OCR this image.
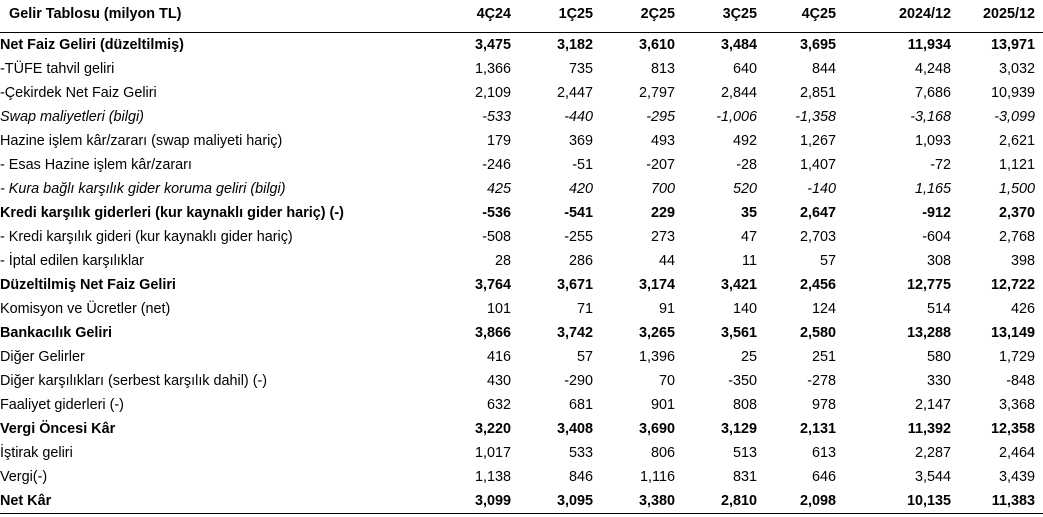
Gelir Tablosu (milyon TL)	4Ç24	1Ç25	2Ç25	3Ç25	4Ç25	2024/12	2025/12	
Net Faiz Geliri (düzeltilmiş)	3,475	3,182	3,610	3,484	3,695	11,934	13,971	
-TÜFE tahvil geliri	1,366	735	813	640	844	4,248	3,032	
-Çekirdek Net Faiz Geliri	2,109	2,447	2,797	2,844	2,851	7,686	10,939	
Swap maliyetleri (bilgi)	-533	-440	-295	-1,006	-1,358	-3,168	-3,099	
Hazine işlem kâr/zararı (swap maliyeti hariç)	179	369	493	492	1,267	1,093	2,621	
- Esas Hazine işlem kâr/zararı	-246	-51	-207	-28	1,407	-72	1,121	
- Kura bağlı karşılık gider koruma geliri (bilgi)	425	420	700	520	-140	1,165	1,500	
Kredi karşılık giderleri (kur kaynaklı gider hariç) (-)	-536	-541	229	35	2,647	-912	2,370	
- Kredi karşılık gideri (kur kaynaklı gider hariç)	-508	-255	273	47	2,703	-604	2,768	
- İptal edilen karşılıklar	28	286	44	11	57	308	398	
Düzeltilmiş Net Faiz Geliri	3,764	3,671	3,174	3,421	2,456	12,775	12,722	
Komisyon ve Ücretler (net)	101	71	91	140	124	514	426	
Bankacılık Geliri	3,866	3,742	3,265	3,561	2,580	13,288	13,149	
Diğer Gelirler	416	57	1,396	25	251	580	1,729	
Diğer karşılıkları (serbest karşılık dahil) (-)	430	-290	70	-350	-278	330	-848	
Faaliyet giderleri (-)	632	681	901	808	978	2,147	3,368	
Vergi Öncesi Kâr	3,220	3,408	3,690	3,129	2,131	11,392	12,358	
İştirak geliri	1,017	533	806	513	613	2,287	2,464	
Vergi(-)	1,138	846	1,116	831	646	3,544	3,439	
Net Kâr	3,099	3,095	3,380	2,810	2,098	10,135	11,383	
